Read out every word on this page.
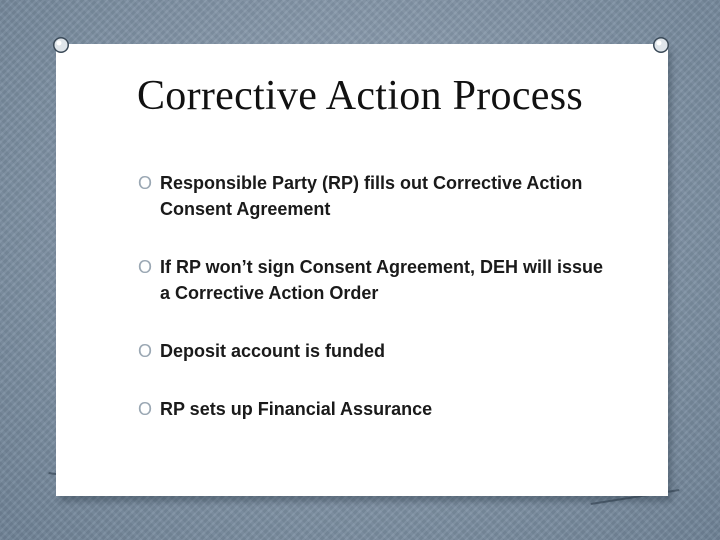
Corrective Action Process
O Responsible Party (RP) fills out Corrective Action Consent Agreement
O If RP won’t sign Consent Agreement, DEH will issue a Corrective Action Order
O Deposit account is funded
O RP sets up Financial Assurance
